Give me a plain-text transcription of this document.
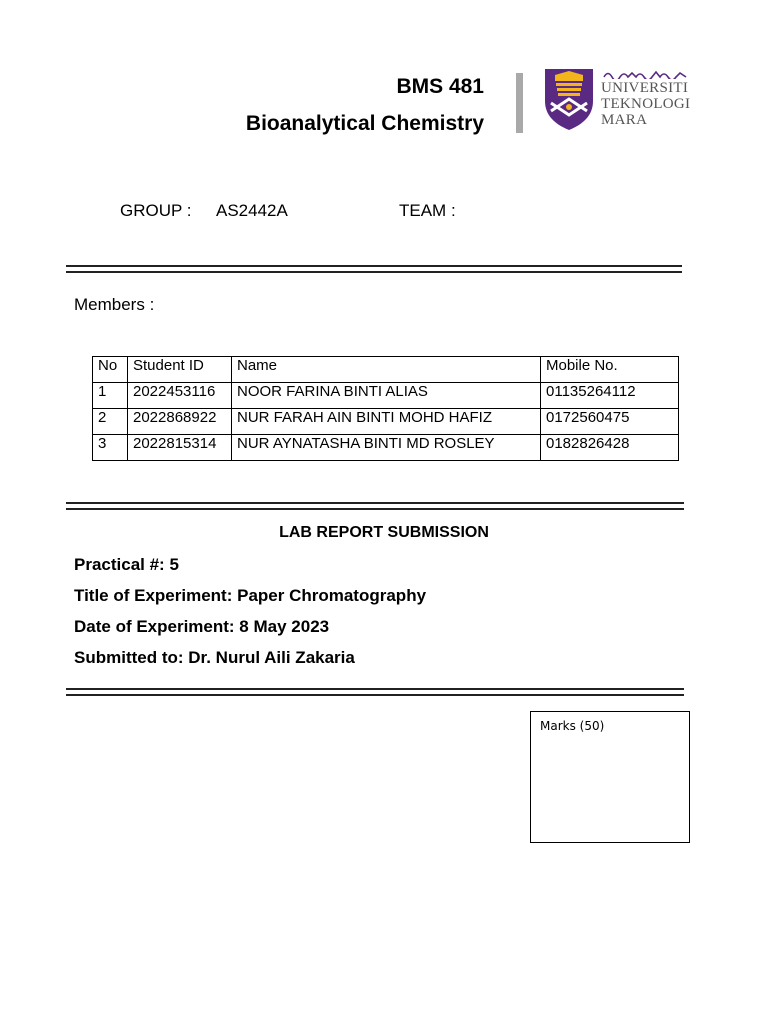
BMS 481
Bioanalytical Chemistry
UNIVERSITI
TEKNOLOGI
MARA
GROUP : AS2442A	TEAM :
Members :
No	Student ID	Name	Mobile No.
1	2022453116	NOOR FARINA BINTI ALIAS	01135264112
2	2022868922	NUR FARAH AIN BINTI MOHD HAFIZ	0172560475
3	2022815314	NUR AYNATASHA BINTI MD ROSLEY	0182826428
LAB REPORT SUBMISSION
Practical #: 5
Title of Experiment: Paper Chromatography
Date of Experiment: 8 May 2023
Submitted to: Dr. Nurul Aili Zakaria
Marks (50)
